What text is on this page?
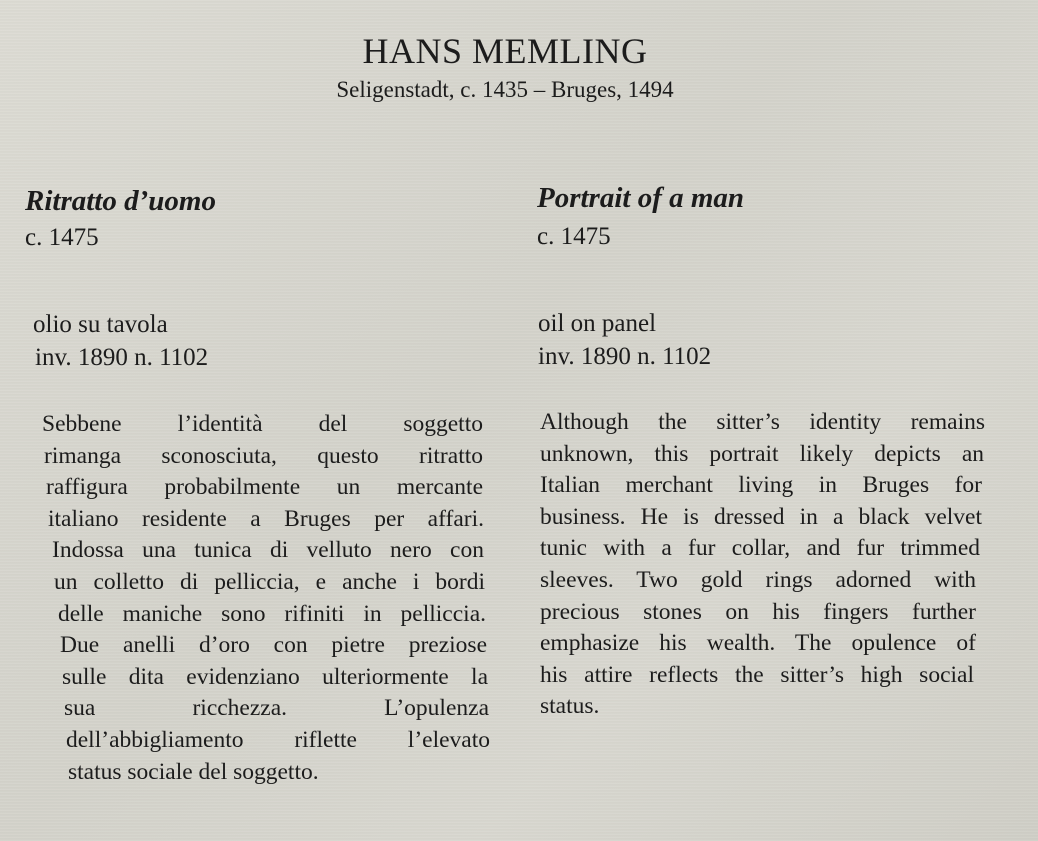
HANS MEMLING
Seligenstadt, c. 1435 – Bruges, 1494
Ritratto d’uomo
c. 1475
olio su tavola
inv. 1890 n. 1102
Sebbene l’identità del soggetto
rimanga sconosciuta, questo ritratto
raffigura probabilmente un mercante
italiano residente a Bruges per affari.
Indossa una tunica di velluto nero con
un colletto di pelliccia, e anche i bordi
delle maniche sono rifiniti in pelliccia.
Due anelli d’oro con pietre preziose
sulle dita evidenziano ulteriormente la
sua ricchezza. L’opulenza
dell’abbigliamento riflette l’elevato
status sociale del soggetto.
Portrait of a man
c. 1475
oil on panel
inv. 1890 n. 1102
Although the sitter’s identity remains
unknown, this portrait likely depicts an
Italian merchant living in Bruges for
business. He is dressed in a black velvet
tunic with a fur collar, and fur trimmed
sleeves. Two gold rings adorned with
precious stones on his fingers further
emphasize his wealth. The opulence of
his attire reflects the sitter’s high social
status.
